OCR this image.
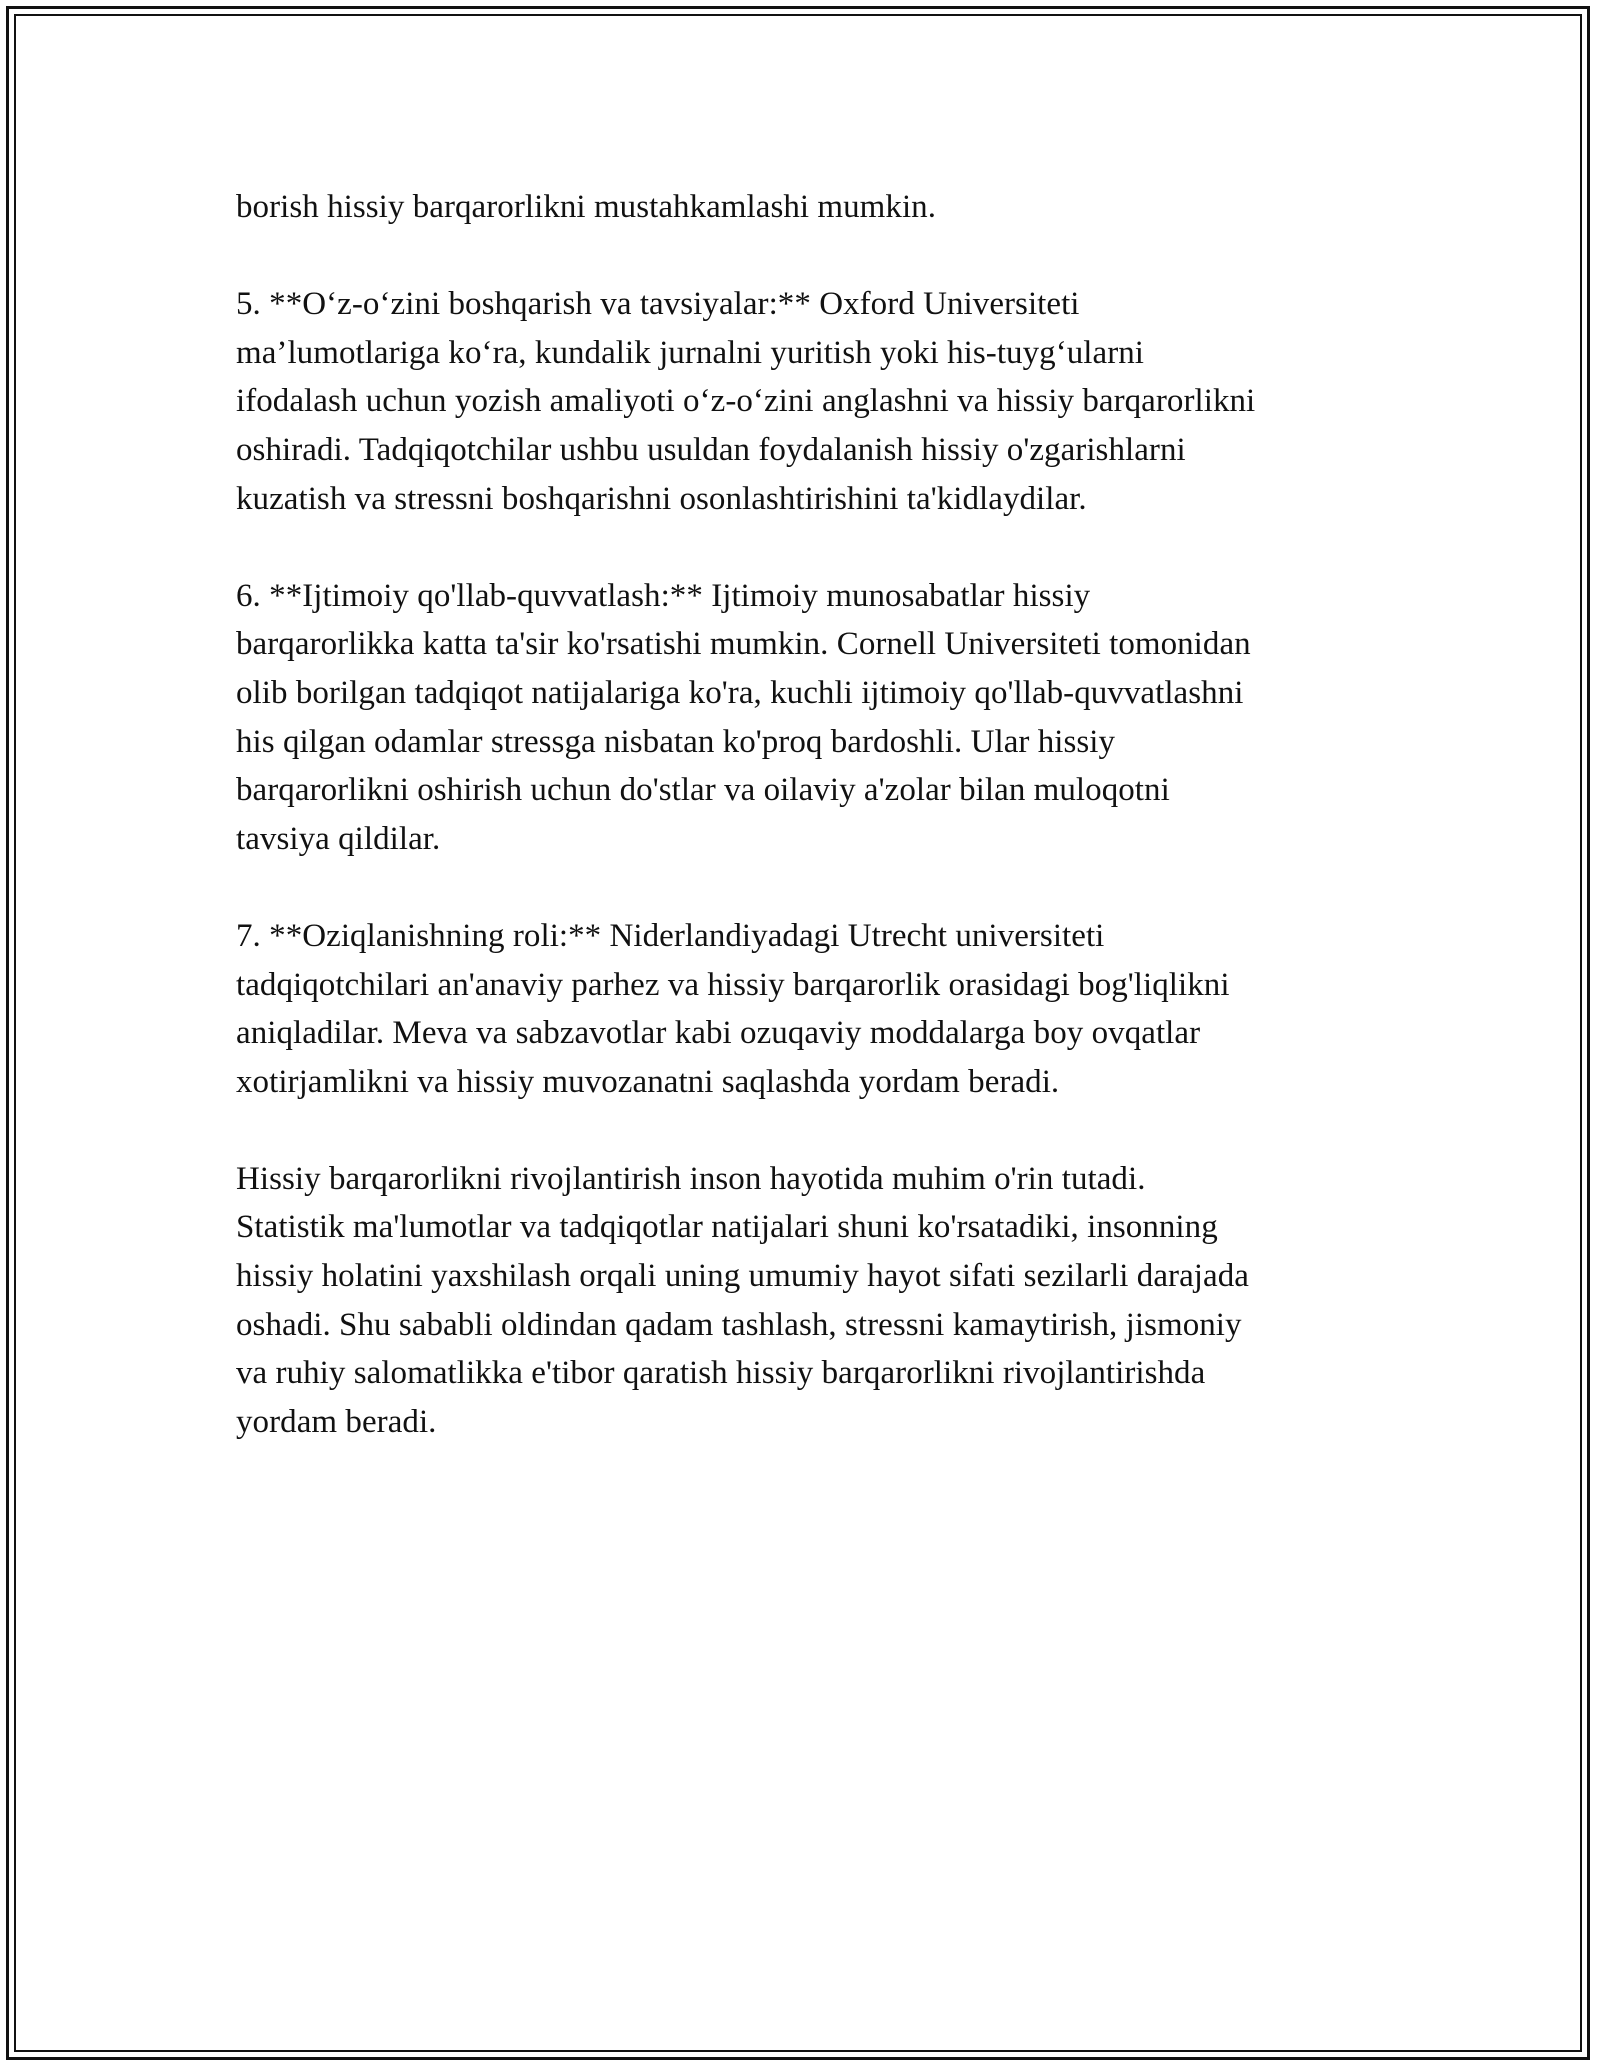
borish hissiy barqarorlikni mustahkamlashi mumkin.
5. **O‘z-o‘zini boshqarish va tavsiyalar:** Oxford Universiteti
ma’lumotlariga ko‘ra, kundalik jurnalni yuritish yoki his-tuyg‘ularni
ifodalash uchun yozish amaliyoti o‘z-o‘zini anglashni va hissiy barqarorlikni
oshiradi. Tadqiqotchilar ushbu usuldan foydalanish hissiy o'zgarishlarni
kuzatish va stressni boshqarishni osonlashtirishini ta'kidlaydilar.
6. **Ijtimoiy qo'llab-quvvatlash:** Ijtimoiy munosabatlar hissiy
barqarorlikka katta ta'sir ko'rsatishi mumkin. Cornell Universiteti tomonidan
olib borilgan tadqiqot natijalariga ko'ra, kuchli ijtimoiy qo'llab-quvvatlashni
his qilgan odamlar stressga nisbatan ko'proq bardoshli. Ular hissiy
barqarorlikni oshirish uchun do'stlar va oilaviy a'zolar bilan muloqotni
tavsiya qildilar.
7. **Oziqlanishning roli:** Niderlandiyadagi Utrecht universiteti
tadqiqotchilari an'anaviy parhez va hissiy barqarorlik orasidagi bog'liqlikni
aniqladilar. Meva va sabzavotlar kabi ozuqaviy moddalarga boy ovqatlar
xotirjamlikni va hissiy muvozanatni saqlashda yordam beradi.
Hissiy barqarorlikni rivojlantirish inson hayotida muhim o'rin tutadi.
Statistik ma'lumotlar va tadqiqotlar natijalari shuni ko'rsatadiki, insonning
hissiy holatini yaxshilash orqali uning umumiy hayot sifati sezilarli darajada
oshadi. Shu sababli oldindan qadam tashlash, stressni kamaytirish, jismoniy
va ruhiy salomatlikka e'tibor qaratish hissiy barqarorlikni rivojlantirishda
yordam beradi.
